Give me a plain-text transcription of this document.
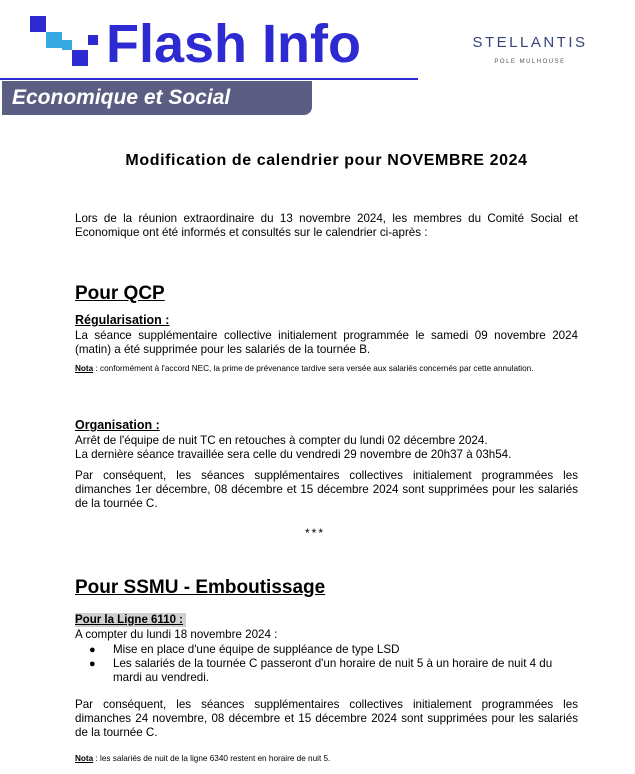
Flash Info
Economique et Social
STELLANTIS
POLE MULHOUSE
Modification de calendrier pour NOVEMBRE 2024
Lors de la réunion extraordinaire du 13 novembre 2024, les membres du Comité Social et Economique ont été informés et consultés sur le calendrier ci-après :
Pour QCP
Régularisation :
La séance supplémentaire collective initialement programmée le samedi 09 novembre 2024 (matin) a été supprimée pour les salariés de la tournée B.
Nota : conformément à l'accord NEC, la prime de prévenance tardive sera versée aux salariés concernés par cette annulation.
Organisation :
Arrêt de l'équipe de nuit TC en retouches à compter du lundi 02 décembre 2024.
La dernière séance travaillée sera celle du vendredi 29 novembre de 20h37 à 03h54.
Par conséquent, les séances supplémentaires collectives initialement programmées les dimanches 1er décembre, 08 décembre et 15 décembre 2024 sont supprimées pour les salariés de la tournée C.
***
Pour SSMU - Emboutissage
Pour la Ligne 6110 :
A compter du lundi 18 novembre 2024 :
● Mise en place d'une équipe de suppléance de type LSD
● Les salariés de la tournée C passeront d'un horaire de nuit 5 à un horaire de nuit 4 du mardi au vendredi.
Par conséquent, les séances supplémentaires collectives initialement programmées les dimanches 24 novembre, 08 décembre et 15 décembre 2024 sont supprimées pour les salariés de la tournée C.
Nota : les salariés de nuit de la ligne 6340 restent en horaire de nuit 5.
